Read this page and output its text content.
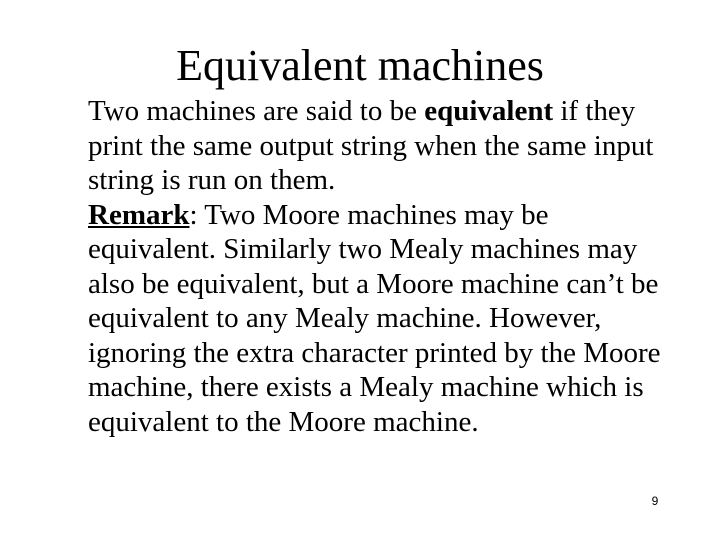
Equivalent machines

Two machines are said to be equivalent if they print the same output string when the same input string is run on them.

Remark: Two Moore machines may be equivalent. Similarly two Mealy machines may also be equivalent, but a Moore machine can’t be equivalent to any Mealy machine. However, ignoring the extra character printed by the Moore machine, there exists a Mealy machine which is equivalent to the Moore machine.

9
